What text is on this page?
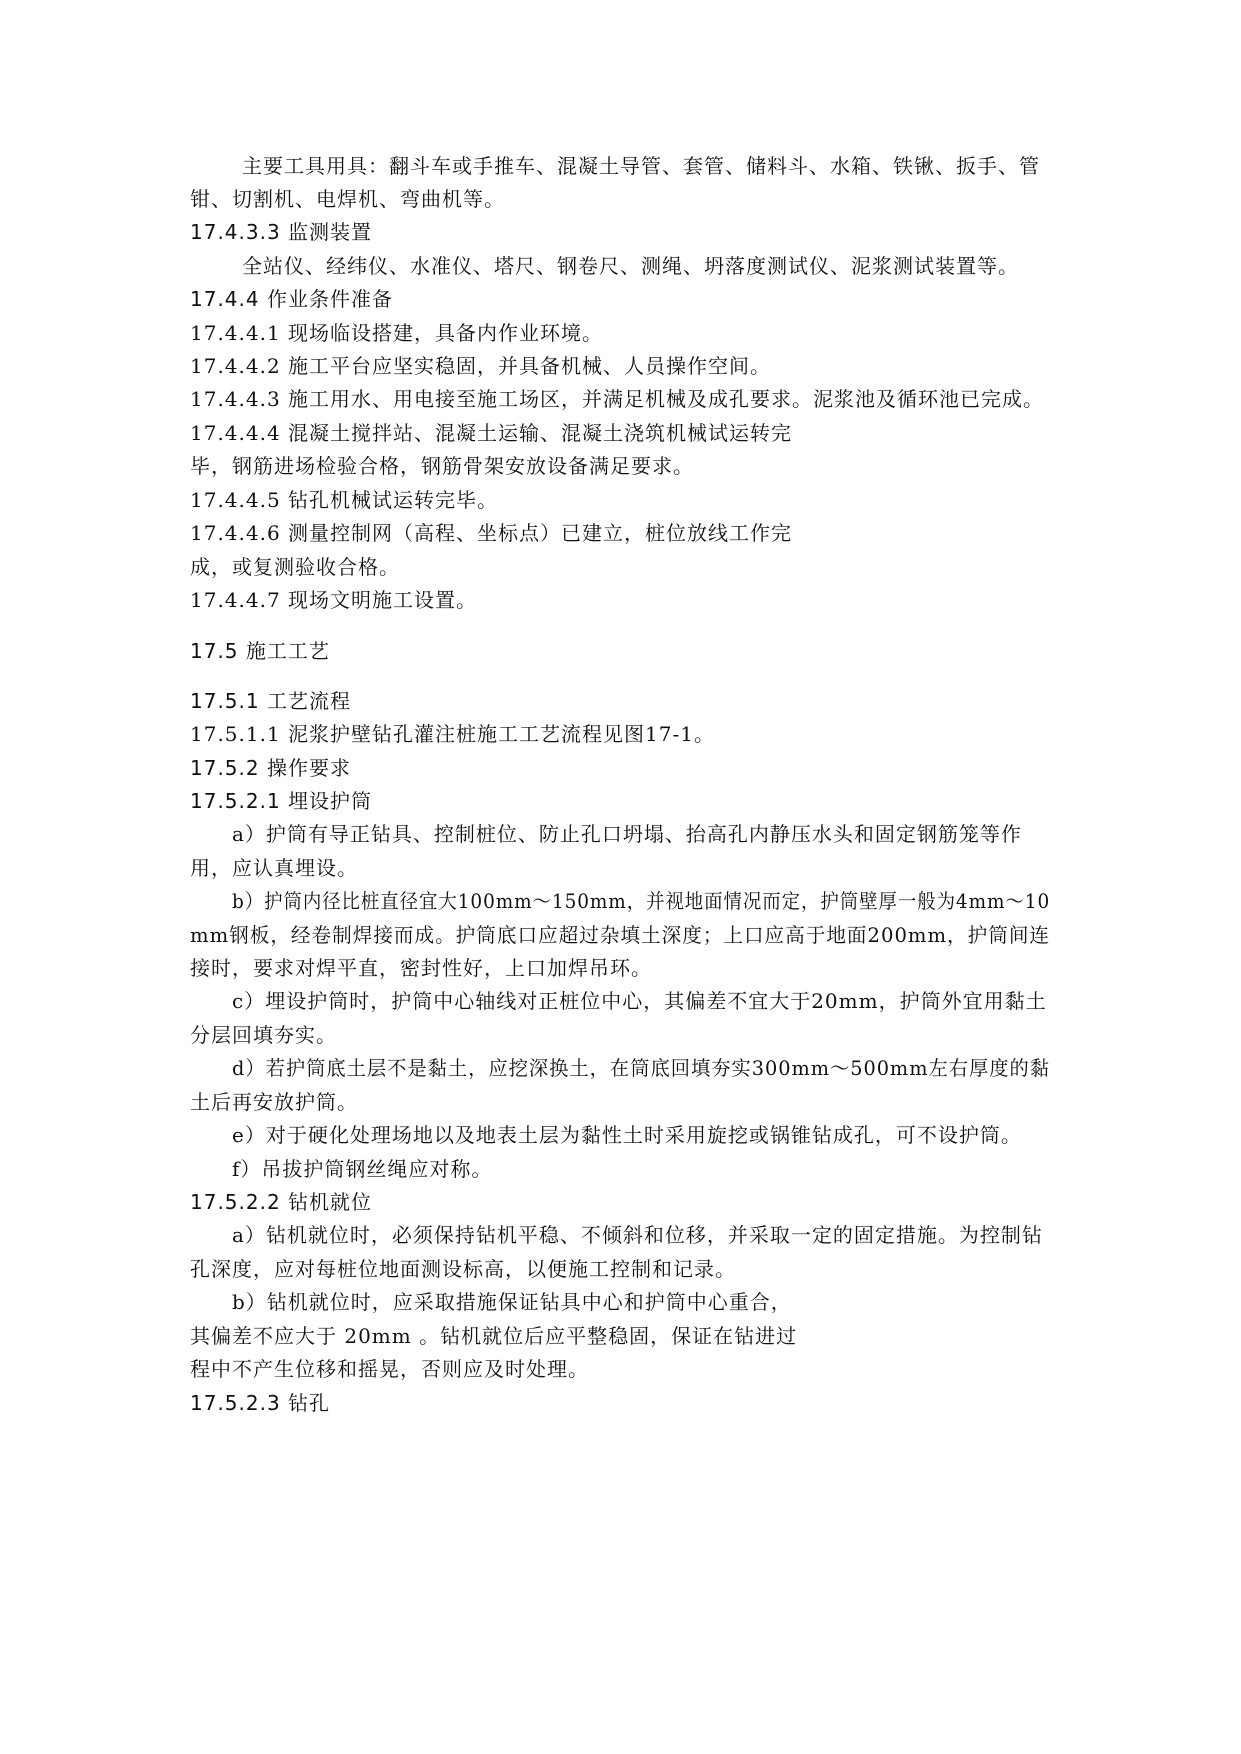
主要工具用具：翻斗车或手推车、混凝土导管、套管、储料斗、水箱、铁锹、扳手、管
钳、切割机、电焊机、弯曲机等。
17.4.3.3 监测装置
全站仪、经纬仪、水准仪、塔尺、钢卷尺、测绳、坍落度测试仪、泥浆测试装置等。
17.4.4 作业条件准备
17.4.4.1 现场临设搭建，具备内作业环境。
17.4.4.2 施工平台应坚实稳固，并具备机械、人员操作空间。
17.4.4.3 施工用水、用电接至施工场区，并满足机械及成孔要求。泥浆池及循环池已完成。
17.4.4.4 混凝土搅拌站、混凝土运输、混凝土浇筑机械试运转完
毕，钢筋进场检验合格，钢筋骨架安放设备满足要求。
17.4.4.5 钻孔机械试运转完毕。
17.4.4.6 测量控制网（高程、坐标点）已建立，桩位放线工作完
成，或复测验收合格。
17.4.4.7 现场文明施工设置。
17.5 施工工艺
17.5.1 工艺流程
17.5.1.1 泥浆护壁钻孔灌注桩施工工艺流程见图17-1。
17.5.2 操作要求
17.5.2.1 埋设护筒
a）护筒有导正钻具、控制桩位、防止孔口坍塌、抬高孔内静压水头和固定钢筋笼等作
用，应认真埋设。
b）护筒内径比桩直径宜大100mm～150mm，并视地面情况而定，护筒壁厚一般为4mm～10
mm钢板，经卷制焊接而成。护筒底口应超过杂填土深度；上口应高于地面200mm，护筒间连
接时，要求对焊平直，密封性好，上口加焊吊环。
c）埋设护筒时，护筒中心轴线对正桩位中心，其偏差不宜大于20mm，护筒外宜用黏土
分层回填夯实。
d）若护筒底土层不是黏土，应挖深换土，在筒底回填夯实300mm～500mm左右厚度的黏
土后再安放护筒。
e）对于硬化处理场地以及地表土层为黏性土时采用旋挖或锅锥钻成孔，可不设护筒。
f）吊拔护筒钢丝绳应对称。
17.5.2.2 钻机就位
a）钻机就位时，必须保持钻机平稳、不倾斜和位移，并采取一定的固定措施。为控制钻
孔深度，应对每桩位地面测设标高，以便施工控制和记录。
b）钻机就位时，应采取措施保证钻具中心和护筒中心重合，
其偏差不应大于 20mm 。钻机就位后应平整稳固，保证在钻进过
程中不产生位移和摇晃，否则应及时处理。
17.5.2.3 钻孔
